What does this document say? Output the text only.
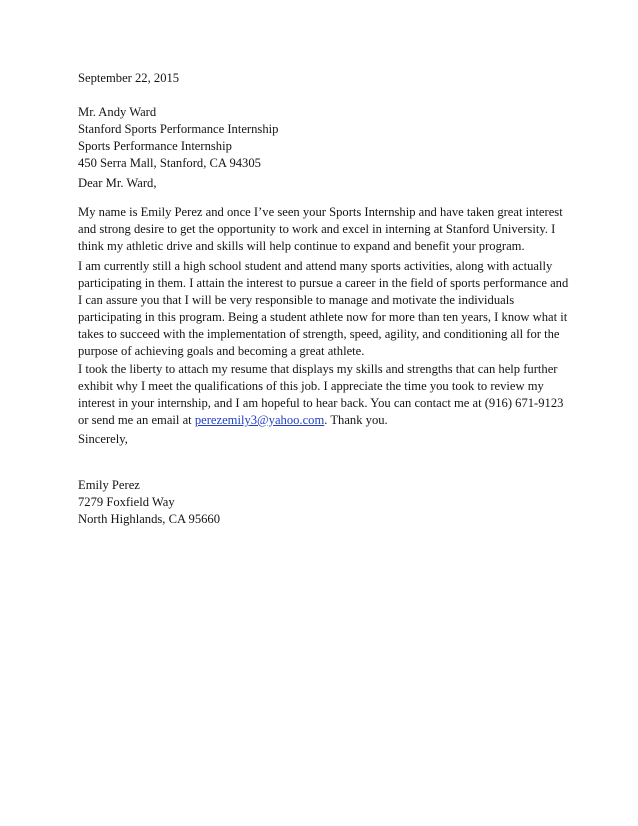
September 22, 2015
Mr. Andy Ward
Stanford Sports Performance Internship
Sports Performance Internship
450 Serra Mall, Stanford, CA 94305
Dear Mr. Ward,
My name is Emily Perez and once I’ve seen your Sports Internship and have taken great interest
and strong desire to get the opportunity to work and excel in interning at Stanford University. I
think my athletic drive and skills will help continue to expand and benefit your program.
I am currently still a high school student and attend many sports activities, along with actually
participating in them. I attain the interest to pursue a career in the field of sports performance and
I can assure you that I will be very responsible to manage and motivate the individuals
participating in this program. Being a student athlete now for more than ten years, I know what it
takes to succeed with the implementation of strength, speed, agility, and conditioning all for the
purpose of achieving goals and becoming a great athlete.
I took the liberty to attach my resume that displays my skills and strengths that can help further
exhibit why I meet the qualifications of this job. I appreciate the time you took to review my
interest in your internship, and I am hopeful to hear back. You can contact me at (916) 671-9123
or send me an email at perezemily3@yahoo.com. Thank you.
Sincerely,
Emily Perez
7279 Foxfield Way
North Highlands, CA 95660
